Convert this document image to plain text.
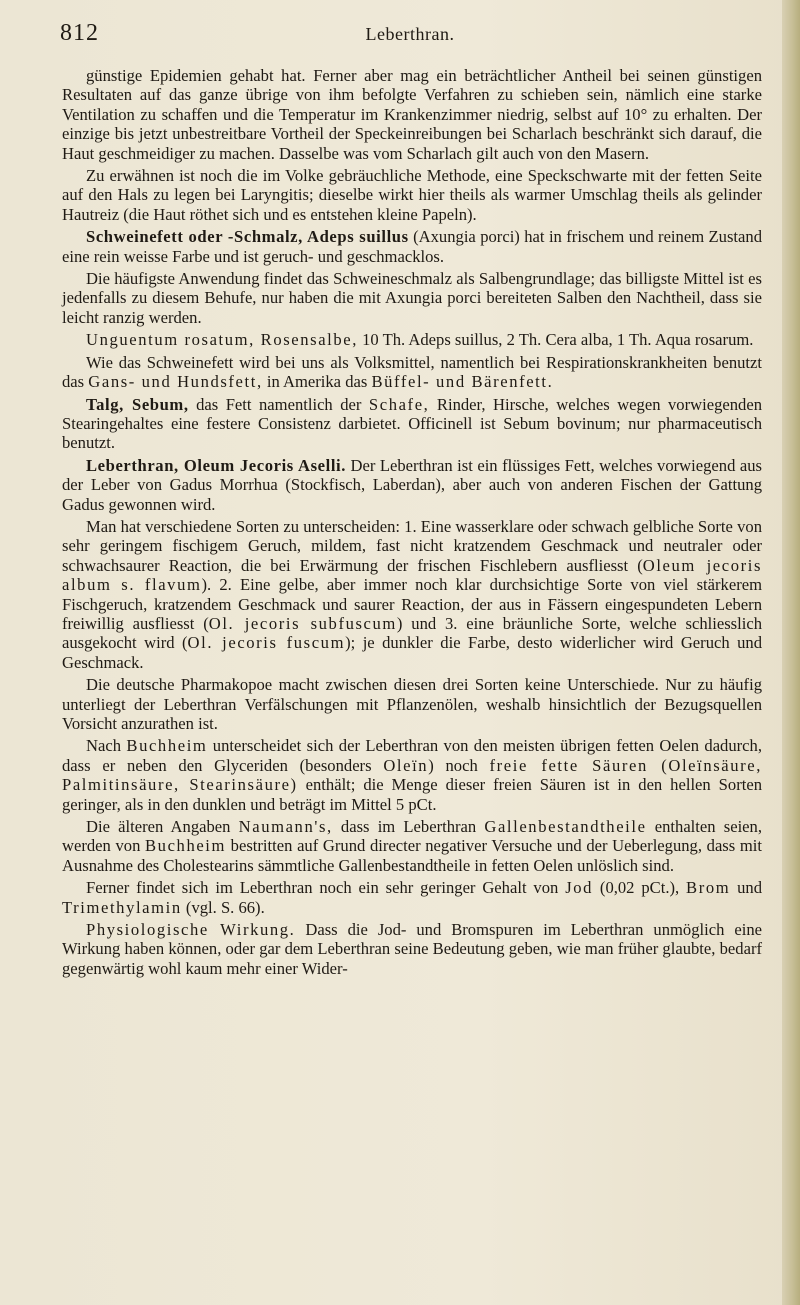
812	Leberthran.

günstige Epidemien gehabt hat. Ferner aber mag ein beträchtlicher Antheil bei seinen günstigen Resultaten auf das ganze übrige von ihm befolgte Verfahren zu schieben sein, nämlich eine starke Ventilation zu schaffen und die Temperatur im Krankenzimmer niedrig, selbst auf 10° zu erhalten. Der einzige bis jetzt unbestreitbare Vortheil der Speckeinreibungen bei Scharlach beschränkt sich darauf, die Haut geschmeidiger zu machen. Dasselbe was vom Scharlach gilt auch von den Masern.

Zu erwähnen ist noch die im Volke gebräuchliche Methode, eine Speckschwarte mit der fetten Seite auf den Hals zu legen bei Laryngitis; dieselbe wirkt hier theils als warmer Umschlag theils als gelinder Hautreiz (die Haut röthet sich und es entstehen kleine Papeln).

Schweinefett oder -Schmalz, Adeps suillus (Axungia porci) hat in frischem und reinem Zustand eine rein weisse Farbe und ist geruch- und geschmacklos.

Die häufigste Anwendung findet das Schweineschmalz als Salbengrundlage; das billigste Mittel ist es jedenfalls zu diesem Behufe, nur haben die mit Axungia porci bereiteten Salben den Nachtheil, dass sie leicht ranzig werden.

Unguentum rosatum, Rosensalbe, 10 Th. Adeps suillus, 2 Th. Cera alba, 1 Th. Aqua rosarum.

Wie das Schweinefett wird bei uns als Volksmittel, namentlich bei Respirationskrankheiten benutzt das Gans- und Hundsfett, in Amerika das Büffel- und Bärenfett.

Talg, Sebum, das Fett namentlich der Schafe, Rinder, Hirsche, welches wegen vorwiegenden Stearingehaltes eine festere Consistenz darbietet. Officinell ist Sebum bovinum; nur pharmaceutisch benutzt.

Leberthran, Oleum Jecoris Aselli. Der Leberthran ist ein flüssiges Fett, welches vorwiegend aus der Leber von Gadus Morrhua (Stockfisch, Laberdan), aber auch von anderen Fischen der Gattung Gadus gewonnen wird.

Man hat verschiedene Sorten zu unterscheiden: 1. Eine wasserklare oder schwach gelbliche Sorte von sehr geringem fischigem Geruch, mildem, fast nicht kratzendem Geschmack und neutraler oder schwachsaurer Reaction, die bei Erwärmung der frischen Fischlebern ausfliesst (Oleum jecoris album s. flavum). 2. Eine gelbe, aber immer noch klar durchsichtige Sorte von viel stärkerem Fischgeruch, kratzendem Geschmack und saurer Reaction, der aus in Fässern eingespundeten Lebern freiwillig ausfliesst (Ol. jecoris subfuscum) und 3. eine bräunliche Sorte, welche schliesslich ausgekocht wird (Ol. jecoris fuscum); je dunkler die Farbe, desto widerlicher wird Geruch und Geschmack.

Die deutsche Pharmakopoe macht zwischen diesen drei Sorten keine Unterschiede. Nur zu häufig unterliegt der Leberthran Verfälschungen mit Pflanzenölen, weshalb hinsichtlich der Bezugsquellen Vorsicht anzurathen ist.

Nach Buchheim unterscheidet sich der Leberthran von den meisten übrigen fetten Oelen dadurch, dass er neben den Glyceriden (besonders Oleïn) noch freie fette Säuren (Oleïnsäure, Palmitinsäure, Stearinsäure) enthält; die Menge dieser freien Säuren ist in den hellen Sorten geringer, als in den dunklen und beträgt im Mittel 5 pCt.

Die älteren Angaben Naumann's, dass im Leberthran Gallenbestandtheile enthalten seien, werden von Buchheim bestritten auf Grund directer negativer Versuche und der Ueberlegung, dass mit Ausnahme des Cholestearins sämmtliche Gallenbestandtheile in fetten Oelen unlöslich sind.

Ferner findet sich im Leberthran noch ein sehr geringer Gehalt von Jod (0,02 pCt.), Brom und Trimethylamin (vgl. S. 66).

Physiologische Wirkung. Dass die Jod- und Bromspuren im Leberthran unmöglich eine Wirkung haben können, oder gar dem Leberthran seine Bedeutung geben, wie man früher glaubte, bedarf gegenwärtig wohl kaum mehr einer Wider-
